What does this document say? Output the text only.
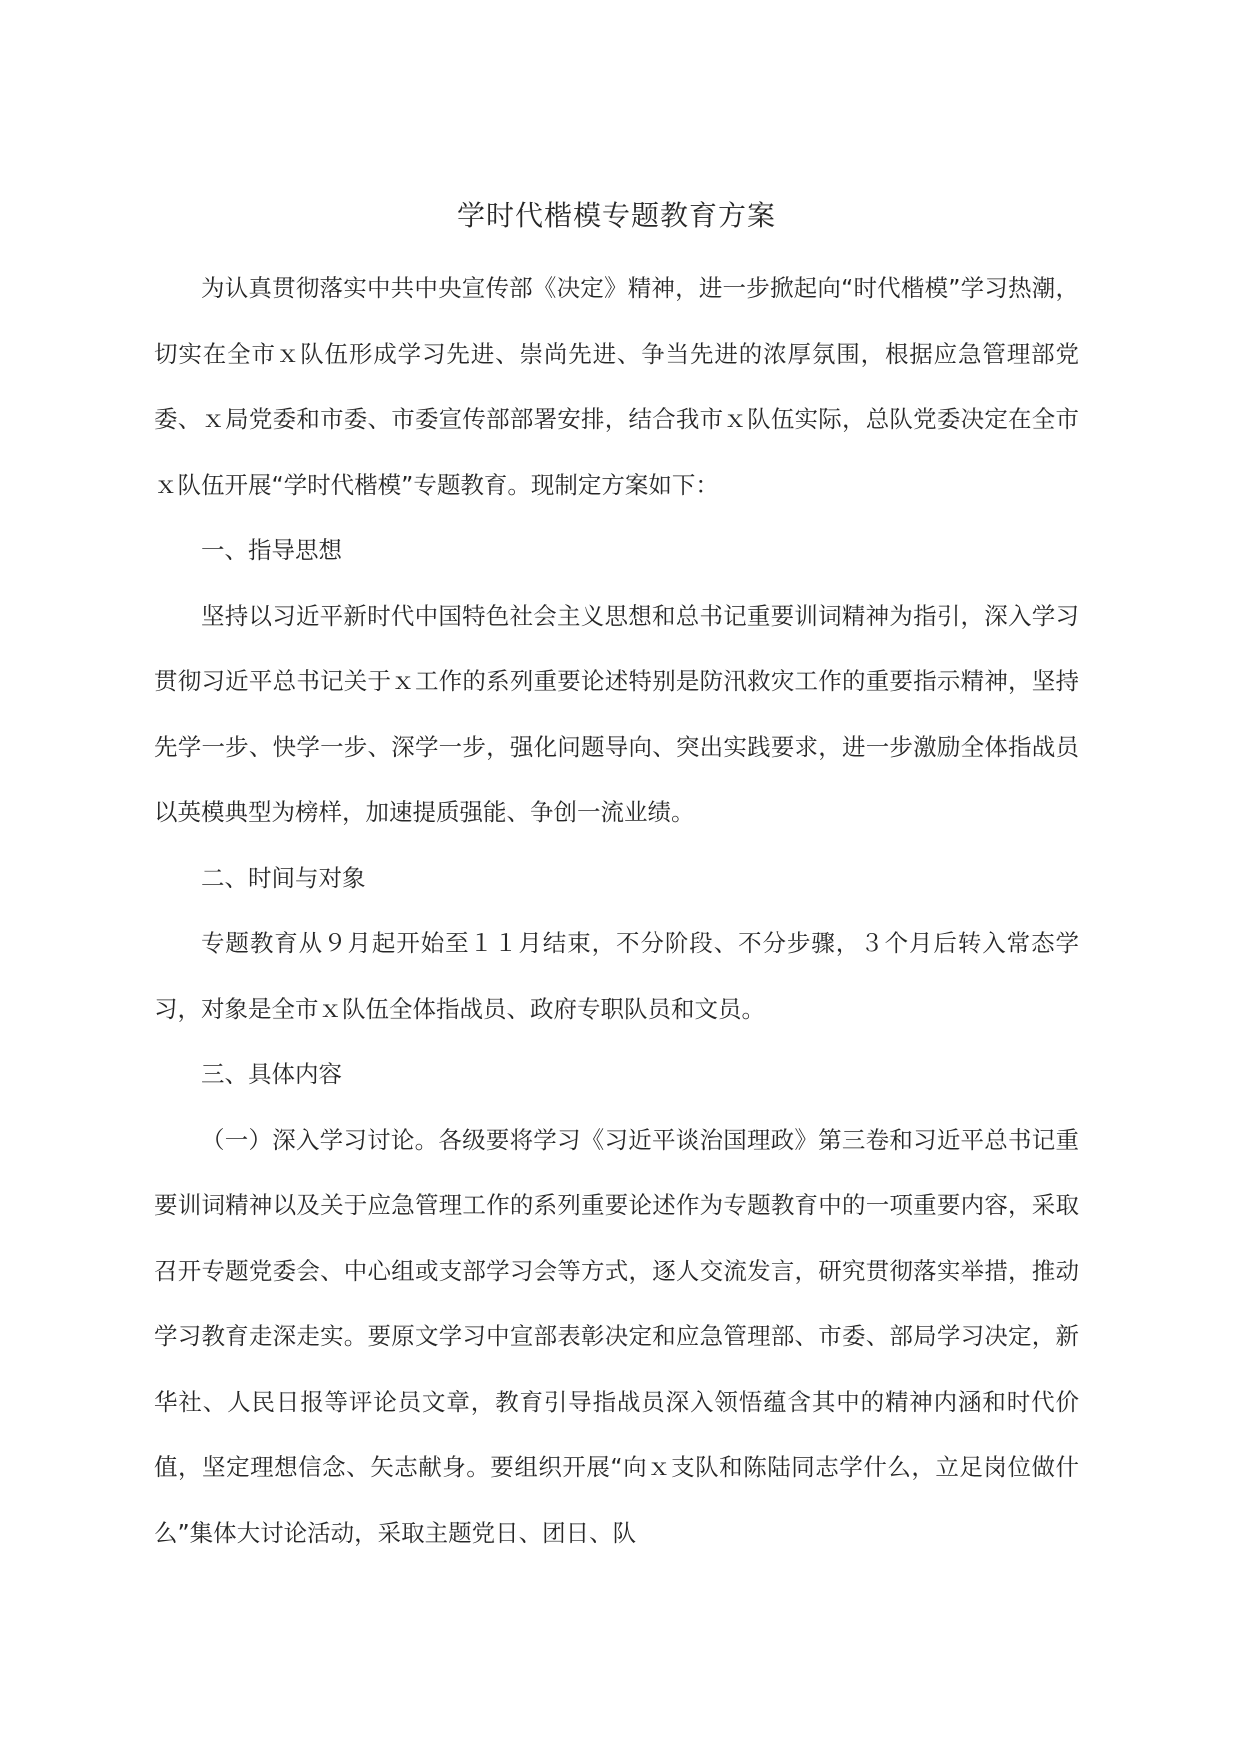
学时代楷模专题教育方案

为认真贯彻落实中共中央宣传部《决定》精神，进一步掀起向“时代楷模”学习热潮，切实在全市ｘ队伍形成学习先进、崇尚先进、争当先进的浓厚氛围，根据应急管理部党委、ｘ局党委和市委、市委宣传部部署安排，结合我市ｘ队伍实际，总队党委决定在全市ｘ队伍开展“学时代楷模”专题教育。现制定方案如下：

一、指导思想

坚持以习近平新时代中国特色社会主义思想和总书记重要训词精神为指引，深入学习贯彻习近平总书记关于ｘ工作的系列重要论述特别是防汛救灾工作的重要指示精神，坚持先学一步、快学一步、深学一步，强化问题导向、突出实践要求，进一步激励全体指战员以英模典型为榜样，加速提质强能、争创一流业绩。

二、时间与对象

专题教育从９月起开始至１１月结束，不分阶段、不分步骤，３个月后转入常态学习，对象是全市ｘ队伍全体指战员、政府专职队员和文员。

三、具体内容

（一）深入学习讨论。各级要将学习《习近平谈治国理政》第三卷和习近平总书记重要训词精神以及关于应急管理工作的系列重要论述作为专题教育中的一项重要内容，采取召开专题党委会、中心组或支部学习会等方式，逐人交流发言，研究贯彻落实举措，推动学习教育走深走实。要原文学习中宣部表彰决定和应急管理部、市委、部局学习决定，新华社、人民日报等评论员文章，教育引导指战员深入领悟蕴含其中的精神内涵和时代价值，坚定理想信念、矢志献身。要组织开展“向ｘ支队和陈陆同志学什么，立足岗位做什么”集体大讨论活动，采取主题党日、团日、队
